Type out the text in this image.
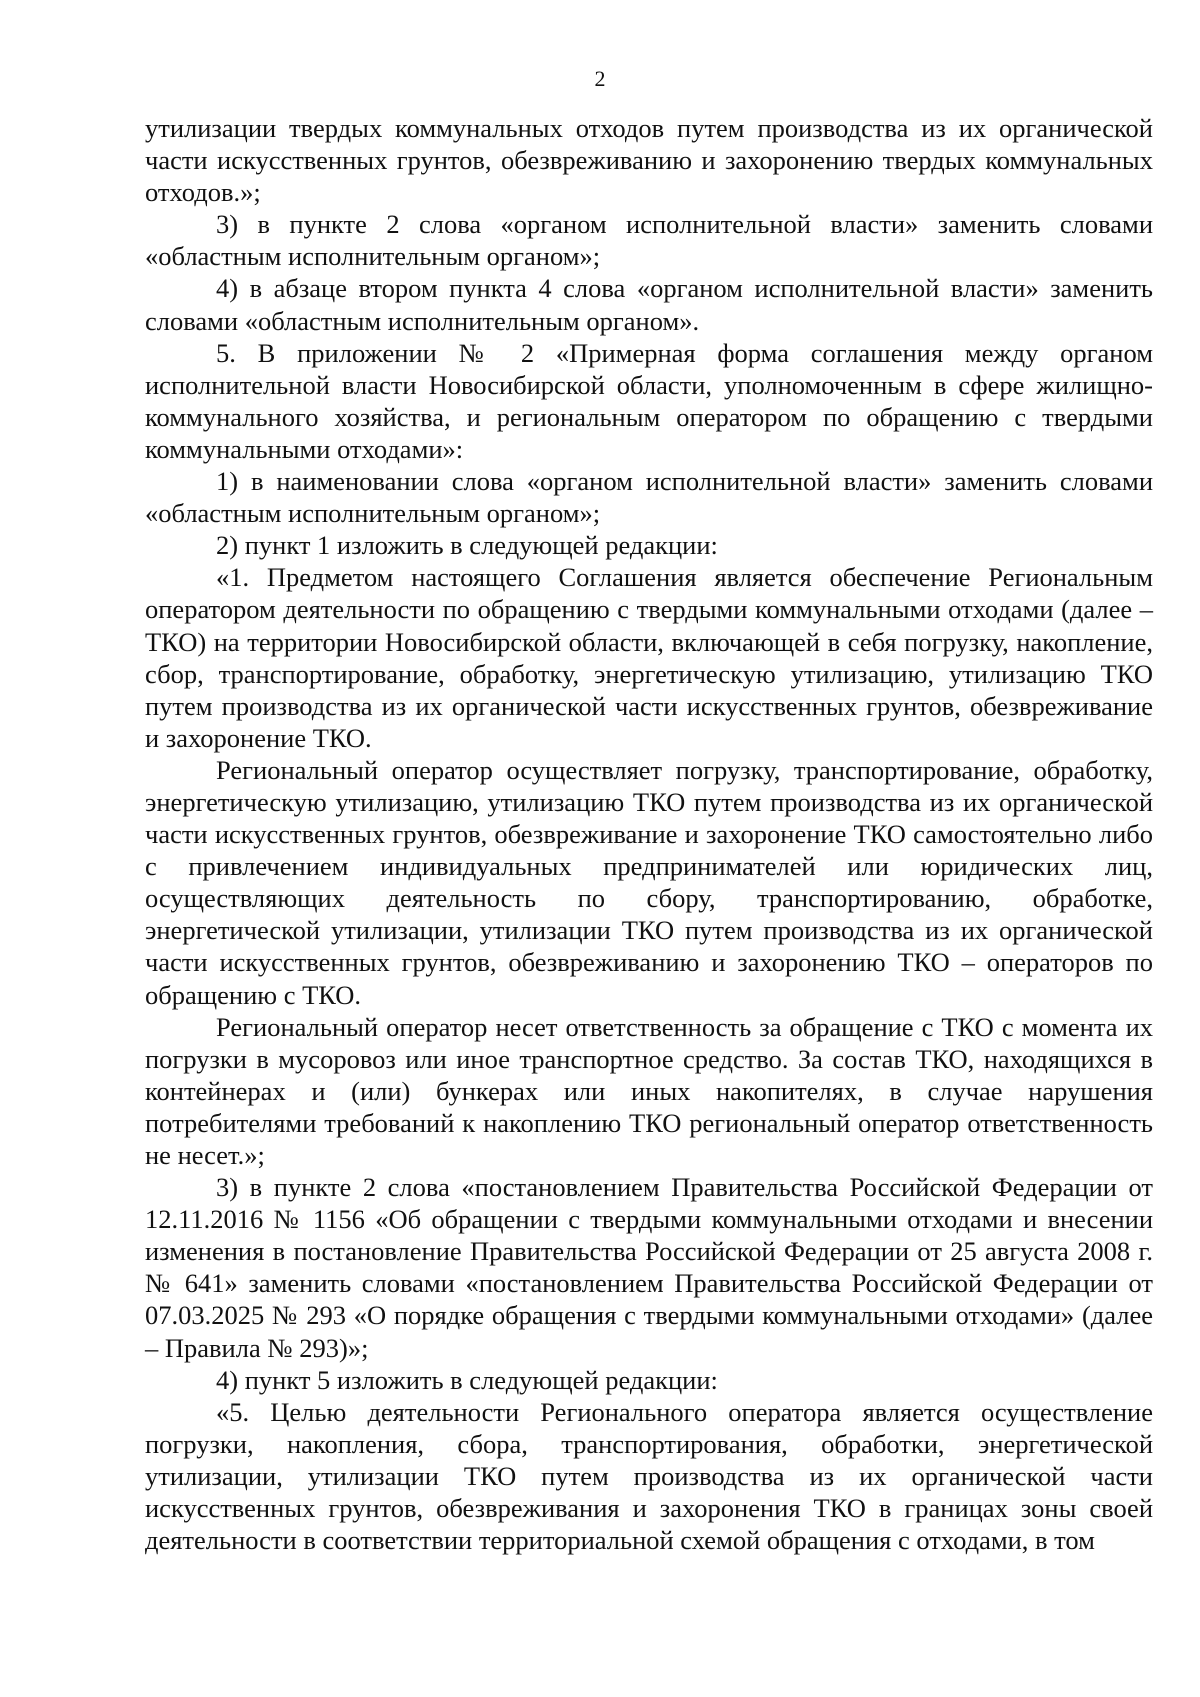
2

утилизации твердых коммунальных отходов путем производства из их органической части искусственных грунтов, обезвреживанию и захоронению твердых коммунальных отходов.»;

3) в пункте 2 слова «органом исполнительной власти» заменить словами «областным исполнительным органом»;

4) в абзаце втором пункта 4 слова «органом исполнительной власти» заменить словами «областным исполнительным органом».

5. В приложении № 2 «Примерная форма соглашения между органом исполнительной власти Новосибирской области, уполномоченным в сфере жилищно-коммунального хозяйства, и региональным оператором по обращению с твердыми коммунальными отходами»:

1) в наименовании слова «органом исполнительной власти» заменить словами «областным исполнительным органом»;

2) пункт 1 изложить в следующей редакции:

«1. Предметом настоящего Соглашения является обеспечение Региональным оператором деятельности по обращению с твердыми коммунальными отходами (далее – ТКО) на территории Новосибирской области, включающей в себя погрузку, накопление, сбор, транспортирование, обработку, энергетическую утилизацию, утилизацию ТКО путем производства из их органической части искусственных грунтов, обезвреживание и захоронение ТКО.

Региональный оператор осуществляет погрузку, транспортирование, обработку, энергетическую утилизацию, утилизацию ТКО путем производства из их органической части искусственных грунтов, обезвреживание и захоронение ТКО самостоятельно либо с привлечением индивидуальных предпринимателей или юридических лиц, осуществляющих деятельность по сбору, транспортированию, обработке, энергетической утилизации, утилизации ТКО путем производства из их органической части искусственных грунтов, обезвреживанию и захоронению ТКО – операторов по обращению с ТКО.

Региональный оператор несет ответственность за обращение с ТКО с момента их погрузки в мусоровоз или иное транспортное средство. За состав ТКО, находящихся в контейнерах и (или) бункерах или иных накопителях, в случае нарушения потребителями требований к накоплению ТКО региональный оператор ответственность не несет.»;

3) в пункте 2 слова «постановлением Правительства Российской Федерации от 12.11.2016 № 1156 «Об обращении с твердыми коммунальными отходами и внесении изменения в постановление Правительства Российской Федерации от 25 августа 2008 г. № 641» заменить словами «постановлением Правительства Российской Федерации от 07.03.2025 № 293 «О порядке обращения с твердыми коммунальными отходами» (далее – Правила № 293)»;

4) пункт 5 изложить в следующей редакции:

«5. Целью деятельности Регионального оператора является осуществление погрузки, накопления, сбора, транспортирования, обработки, энергетической утилизации, утилизации ТКО путем производства из их органической части искусственных грунтов, обезвреживания и захоронения ТКО в границах зоны своей деятельности в соответствии территориальной схемой обращения с отходами, в том
